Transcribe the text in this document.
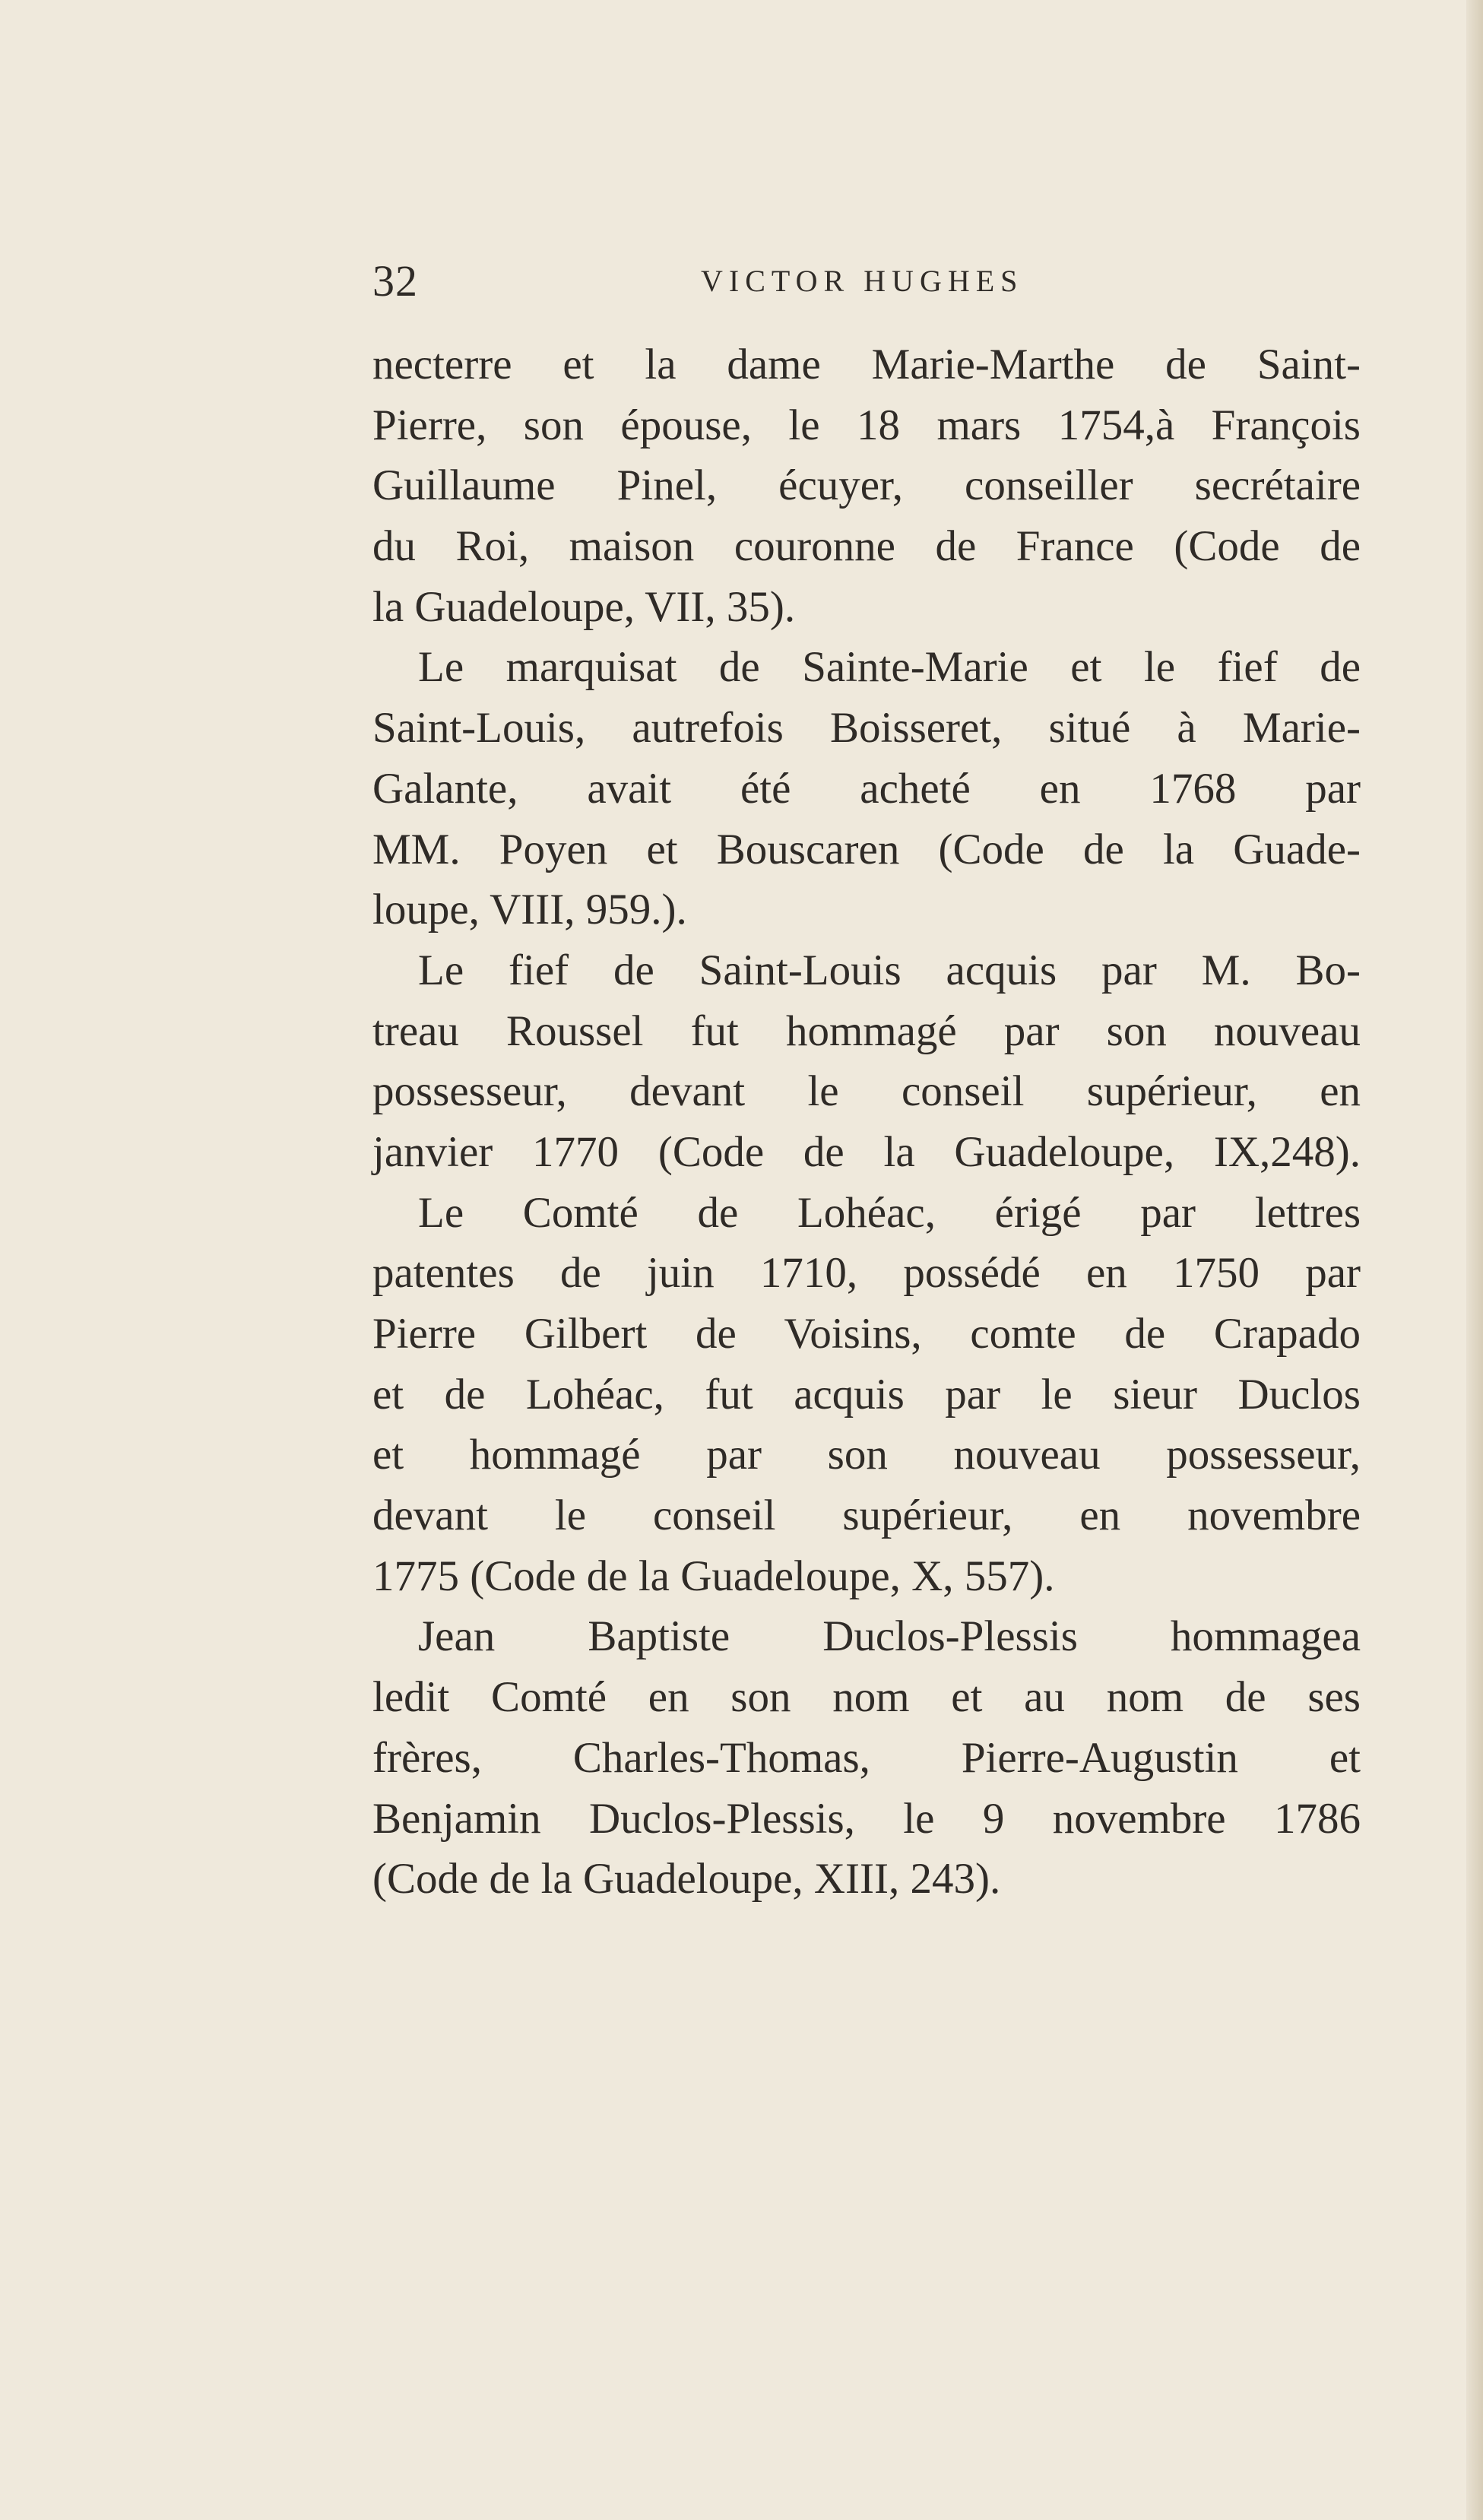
32	VICTOR HUGHES
necterre et la dame Marie-Marthe de Saint-
Pierre, son épouse, le 18 mars 1754,à François
Guillaume Pinel, écuyer, conseiller secrétaire
du Roi, maison couronne de France (Code de
la Guadeloupe, VII, 35).
Le marquisat de Sainte-Marie et le fief de
Saint-Louis, autrefois Boisseret, situé à Marie-
Galante, avait été acheté en 1768 par
MM. Poyen et Bouscaren (Code de la Guade-
loupe, VIII, 959.).
Le fief de Saint-Louis acquis par M. Bo-
treau Roussel fut hommagé par son nouveau
possesseur, devant le conseil supérieur, en
janvier 1770 (Code de la Guadeloupe, IX,248).
Le Comté de Lohéac, érigé par lettres
patentes de juin 1710, possédé en 1750 par
Pierre Gilbert de Voisins, comte de Crapado
et de Lohéac, fut acquis par le sieur Duclos
et hommagé par son nouveau possesseur,
devant le conseil supérieur, en novembre
1775 (Code de la Guadeloupe, X, 557).
Jean Baptiste Duclos-Plessis hommagea
ledit Comté en son nom et au nom de ses
frères, Charles-Thomas, Pierre-Augustin et
Benjamin Duclos-Plessis, le 9 novembre 1786
(Code de la Guadeloupe, XIII, 243).
